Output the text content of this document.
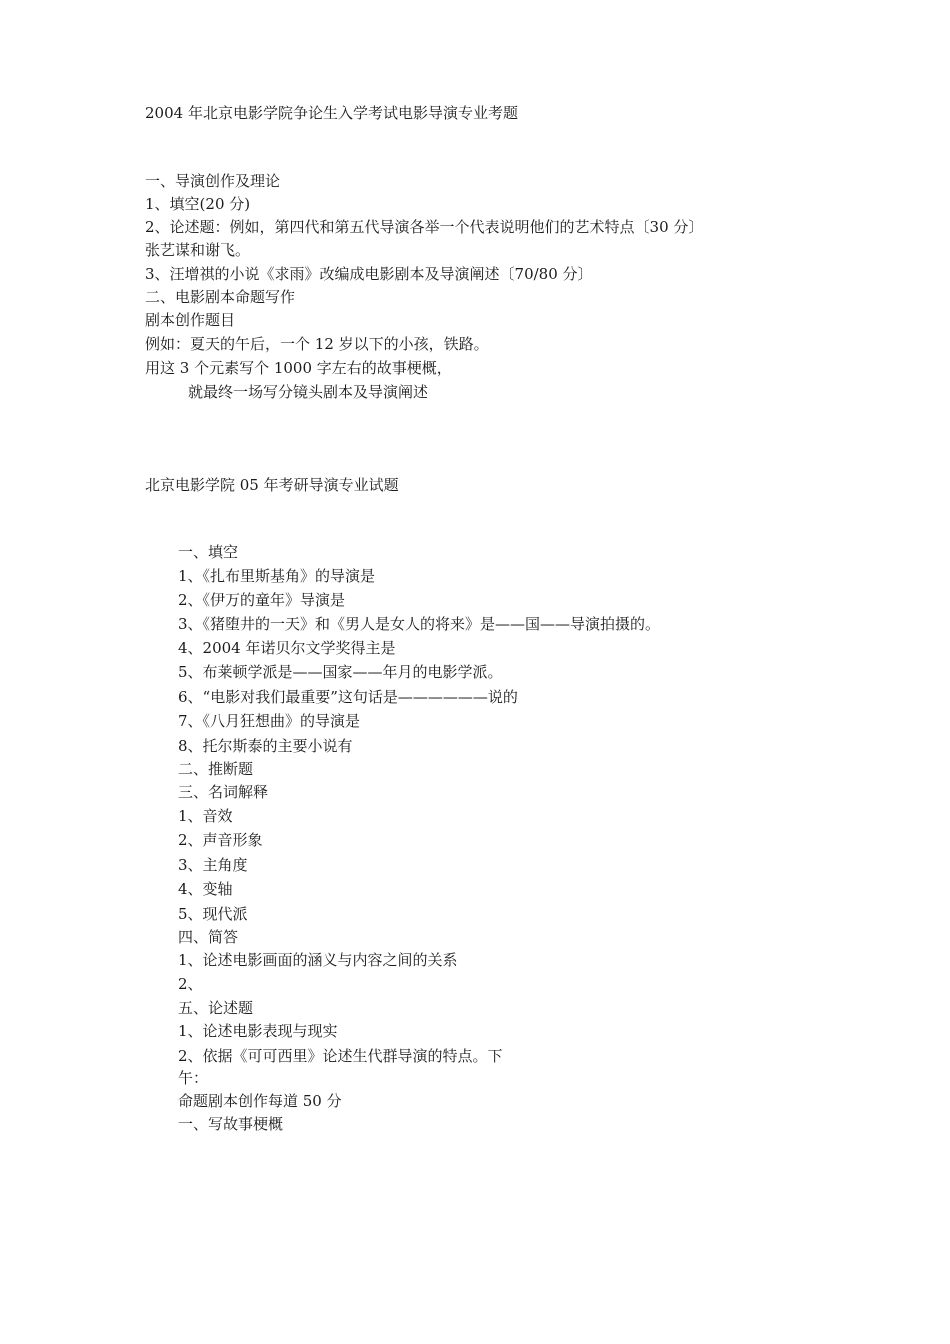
2004 年北京电影学院争论生入学考试电影导演专业考题
一、导演创作及理论
1、填空(20 分)
2、论述题：例如，第四代和第五代导演各举一个代表说明他们的艺术特点〔30 分〕
张艺谋和谢飞。
3、汪增祺的小说《求雨》改编成电影剧本及导演阐述〔70/80 分〕
二、电影剧本命题写作
剧本创作题目
例如：夏天的午后，一个 12 岁以下的小孩，铁路。
用这 3 个元素写个 1000 字左右的故事梗概，
就最终一场写分镜头剧本及导演阐述
北京电影学院 05 年考研导演专业试题
一、填空
1、《扎布里斯基角》的导演是
2、《伊万的童年》导演是
3、《猪堕井的一天》和《男人是女人的将来》是——国——导演拍摄的。
4、2004 年诺贝尔文学奖得主是
5、布莱顿学派是——国家——年月的电影学派。
6、“电影对我们最重要”这句话是——————说的
7、《八月狂想曲》的导演是
8、托尔斯泰的主要小说有
二、推断题
三、名词解释
1、音效
2、声音形象
3、主角度
4、变轴
5、现代派
四、简答
1、论述电影画面的涵义与内容之间的关系
2、
五、论述题
1、论述电影表现与现实
2、依据《可可西里》论述生代群导演的特点。下
午：
命题剧本创作每道 50 分
一、写故事梗概
